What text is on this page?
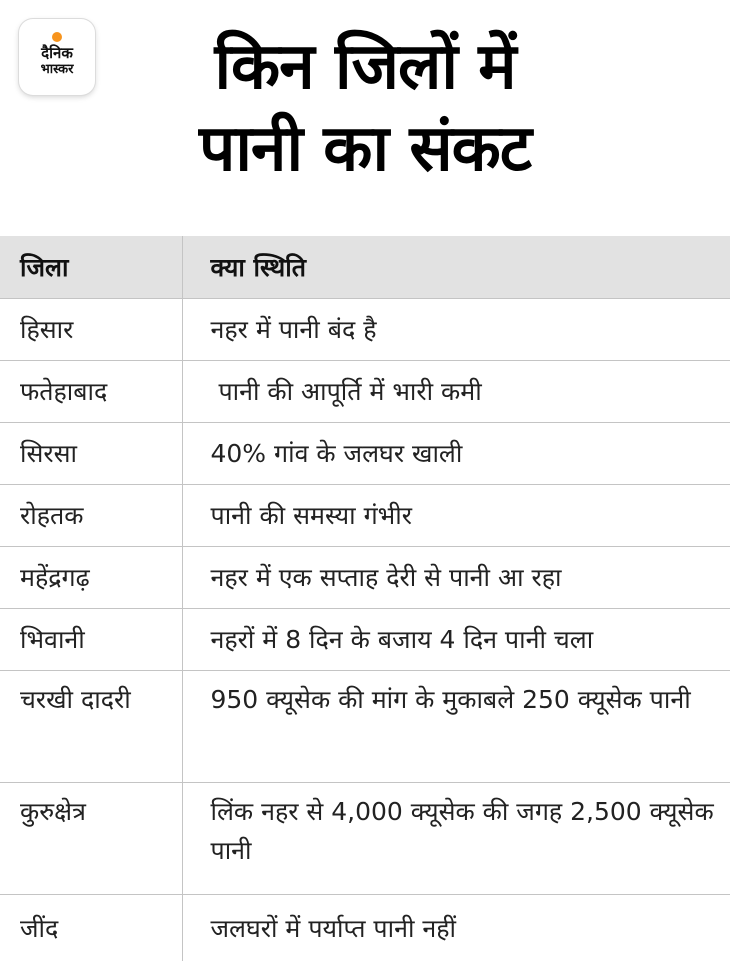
दैनिक
भास्कर	किन जिलों में
पानी का संकट
जिला	क्या स्थिति
हिसार	नहर में पानी बंद है
फतेहाबाद	पानी की आपूर्ति में भारी कमी
सिरसा	40% गांव के जलघर खाली
रोहतक	पानी की समस्या गंभीर
महेंद्रगढ़	नहर में एक सप्ताह देरी से पानी आ रहा
भिवानी	नहरों में 8 दिन के बजाय 4 दिन पानी चला
चरखी दादरी	950 क्यूसेक की मांग के मुकाबले 250 क्यूसेक पानी
कुरुक्षेत्र	लिंक नहर से 4,000 क्यूसेक की जगह 2,500 क्यूसेक पानी
जींद	जलघरों में पर्याप्त पानी नहीं
